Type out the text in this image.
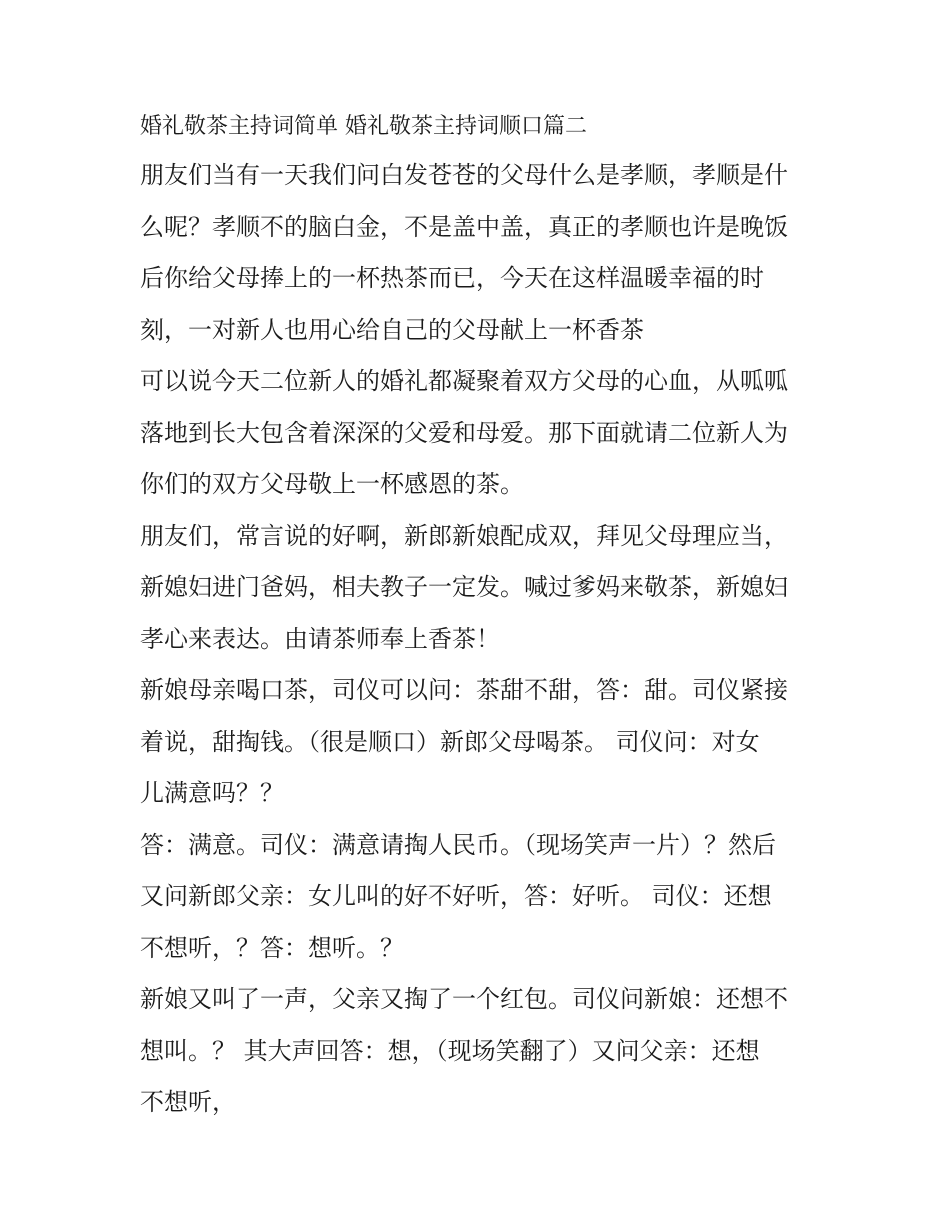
婚礼敬茶主持词简单 婚礼敬茶主持词顺口篇二
朋友们当有一天我们问白发苍苍的父母什么是孝顺，孝顺是什
么呢？孝顺不的脑白金，不是盖中盖，真正的孝顺也许是晚饭
后你给父母捧上的一杯热茶而已，今天在这样温暖幸福的时
刻，一对新人也用心给自己的父母献上一杯香茶
可以说今天二位新人的婚礼都凝聚着双方父母的心血，从呱呱
落地到长大包含着深深的父爱和母爱。那下面就请二位新人为
你们的双方父母敬上一杯感恩的茶。
朋友们，常言说的好啊，新郎新娘配成双，拜见父母理应当，
新媳妇进门爸妈，相夫教子一定发。喊过爹妈来敬茶，新媳妇
孝心来表达。由请茶师奉上香茶！
新娘母亲喝口茶，司仪可以问：茶甜不甜，答：甜。司仪紧接
着说，甜掏钱。（很是顺口）新郎父母喝茶。 司仪问：对女
儿满意吗？？
答：满意。司仪：满意请掏人民币。（现场笑声一片）？然后
又问新郎父亲：女儿叫的好不好听，答：好听。 司仪：还想
不想听，？答：想听。？
新娘又叫了一声，父亲又掏了一个红包。司仪问新娘：还想不
想叫。？ 其大声回答：想，（现场笑翻了）又问父亲：还想
不想听，
